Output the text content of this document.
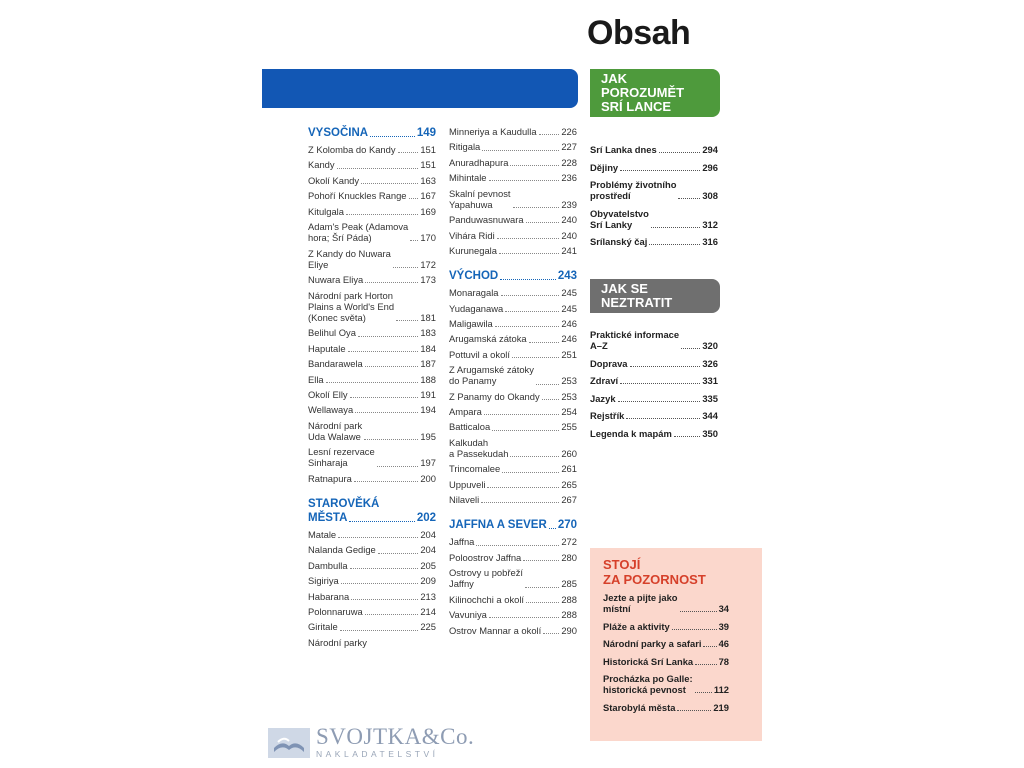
Obsah
VYSOČINA	149
Z Kolomba do Kandy	151
Kandy	151
Okolí Kandy	163
Pohoří Knuckles Range 167
Kitulgala	169
Adam's Peak (Adamova
hora; Šrí Páda)	170
Z Kandy do Nuwara
Eliye	172
Nuwara Eliya	173
Národní park Horton
Plains a World's End
(Konec světa)	181
Belihul Oya	183
Haputale	184
Bandarawela	187
Ella	188
Okolí Elly	191
Wellawaya	194
Národní park
Uda Walawe	195
Lesní rezervace
Sinharaja	197
Ratnapura	200
STAROVĚKÁ
MĚSTA	202
Matale	204
Nalanda Gedige	204
Dambulla	205
Sigiriya	209
Habarana	213
Polonnaruwa	214
Giritale	225
Národní parky
Minneriya a Kaudulla	226
Ritigala	227
Anuradhapura	228
Mihintale	236
Skalní pevnost
Yapahuwa	239
Panduwasnuwara	240
Vihára Ridi	240
Kurunegala	241
VÝCHOD	243
Monaragala	245
Yudaganawa	245
Maligawila	246
Arugamská zátoka	246
Pottuvil a okolí	251
Z Arugamské zátoky
do Panamy	253
Z Panamy do Okandy 253
Ampara	254
Batticaloa	255
Kalkudah
a Passekudah	260
Trincomalee	261
Uppuveli	265
Nilaveli	267
JAFFNA A SEVER 270
Jaffna	272
Poloostrov Jaffna	280
Ostrovy u pobřeží
Jaffny	285
Kilinochchi a okolí	288
Vavuniya	288
Ostrov Mannar a okolí 290
JAK
POROZUMĚT
SRÍ LANCE
Srí Lanka dnes	294
Dějiny	296
Problémy životního
prostředí	308
Obyvatelstvo
Srí Lanky	312
Srílanský čaj	316
JAK SE
NEZTRATIT
Praktické informace
A–Z	320
Doprava	326
Zdraví	331
Jazyk	335
Rejstřík	344
Legenda k mapám	350
STOJÍ
ZA POZORNOST
Jezte a pijte jako
místní	34
Pláže a aktivity	39
Národní parky a safari 46
Historická Srí Lanka	78
Procházka po Galle:
historická pevnost	112
Starobylá města	219
SVOJTKA&Co.
NAKLADATELSTVÍ
